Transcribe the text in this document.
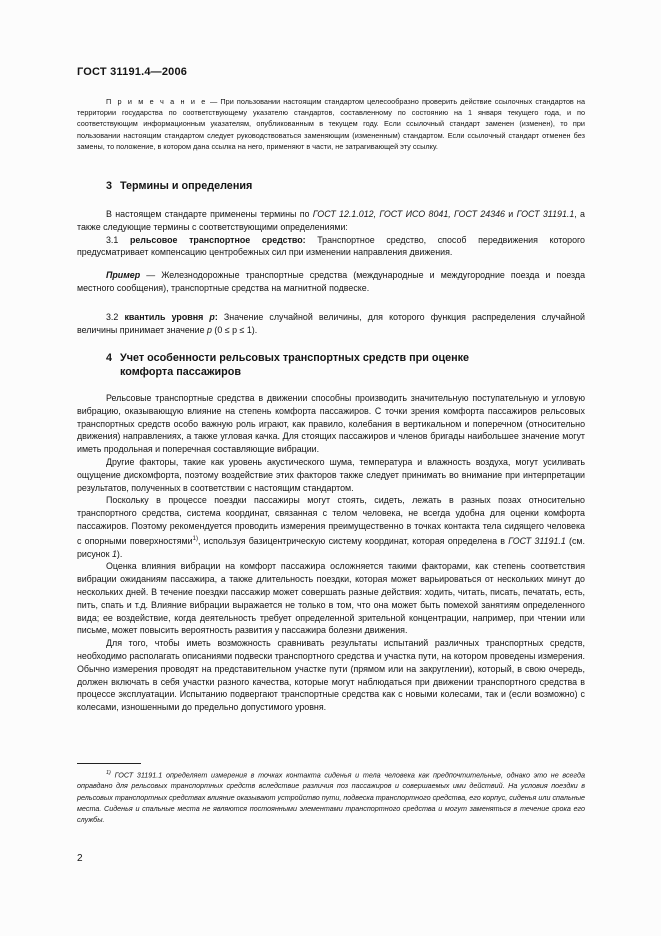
ГОСТ 31191.4—2006

П р и м е ч а н и е — При пользовании настоящим стандартом целесообразно проверить действие ссылочных стандартов на территории государства по соответствующему указателю стандартов, составленному по состоянию на 1 января текущего года, и по соответствующим информационным указателям, опубликованным в текущем году. Если ссылочный стандарт заменен (изменен), то при пользовании настоящим стандартом следует руководствоваться заменяющим (измененным) стандартом. Если ссылочный стандарт отменен без замены, то положение, в котором дана ссылка на него, применяют в части, не затрагивающей эту ссылку.

3 Термины и определения

В настоящем стандарте применены термины по ГОСТ 12.1.012, ГОСТ ИСО 8041, ГОСТ 24346 и ГОСТ 31191.1, а также следующие термины с соответствующими определениями:

3.1 рельсовое транспортное средство: Транспортное средство, способ передвижения которого предусматривает компенсацию центробежных сил при изменении направления движения.

Пример — Железнодорожные транспортные средства (международные и междугородние поезда и поезда местного сообщения), транспортные средства на магнитной подвеске.

3.2 квантиль уровня p: Значение случайной величины, для которого функция распределения случайной величины принимает значение p (0 ≤ p ≤ 1).

4 Учет особенности рельсовых транспортных средств при оценке
комфорта пассажиров

Рельсовые транспортные средства в движении способны производить значительную поступательную и угловую вибрацию, оказывающую влияние на степень комфорта пассажиров. С точки зрения комфорта пассажиров рельсовых транспортных средств особо важную роль играют, как правило, колебания в вертикальном и поперечном (относительно движения) направлениях, а также угловая качка. Для стоящих пассажиров и членов бригады наибольшее значение могут иметь продольная и поперечная составляющие вибрации.

Другие факторы, такие как уровень акустического шума, температура и влажность воздуха, могут усиливать ощущение дискомфорта, поэтому воздействие этих факторов также следует принимать во внимание при интерпретации результатов, полученных в соответствии с настоящим стандартом.

Поскольку в процессе поездки пассажиры могут стоять, сидеть, лежать в разных позах относительно транспортного средства, система координат, связанная с телом человека, не всегда удобна для оценки комфорта пассажиров. Поэтому рекомендуется проводить измерения преимущественно в точках контакта тела сидящего человека с опорными поверхностями$^{1)}$, используя базицентрическую систему координат, которая определена в ГОСТ 31191.1 (см. рисунок 1).

Оценка влияния вибрации на комфорт пассажира осложняется такими факторами, как степень соответствия вибрации ожиданиям пассажира, а также длительность поездки, которая может варьироваться от нескольких минут до нескольких дней. В течение поездки пассажир может совершать разные действия: ходить, читать, писать, печатать, есть, пить, спать и т.д. Влияние вибрации выражается не только в том, что она может быть помехой занятиям определенного вида; ее воздействие, когда деятельность требует определенной зрительной концентрации, например, при чтении или письме, может повысить вероятность развития у пассажира болезни движения.

Для того, чтобы иметь возможность сравнивать результаты испытаний различных транспортных средств, необходимо располагать описаниями подвески транспортного средства и участка пути, на котором проведены измерения. Обычно измерения проводят на представительном участке пути (прямом или на закруглении), который, в свою очередь, должен включать в себя участки разного качества, которые могут наблюдаться при движении транспортного средства в процессе эксплуатации. Испытанию подвергают транспортные средства как с новыми колесами, так и (если возможно) с колесами, изношенными до предельно допустимого уровня.

$^{1)}$ ГОСТ 31191.1 определяет измерения в точках контакта сиденья и тела человека как предпочтительные, однако это не всегда оправдано для рельсовых транспортных средств вследствие различия поз пассажиров и совершаемых ими действий. На условия поездки в рельсовых транспортных средствах влияние оказывают устройство пути, подвеска транспортного средства, его корпус, сиденья или спальные места. Сиденья и спальные места не являются постоянными элементами транспортного средства и могут заменяться в течение срока его службы.

2
